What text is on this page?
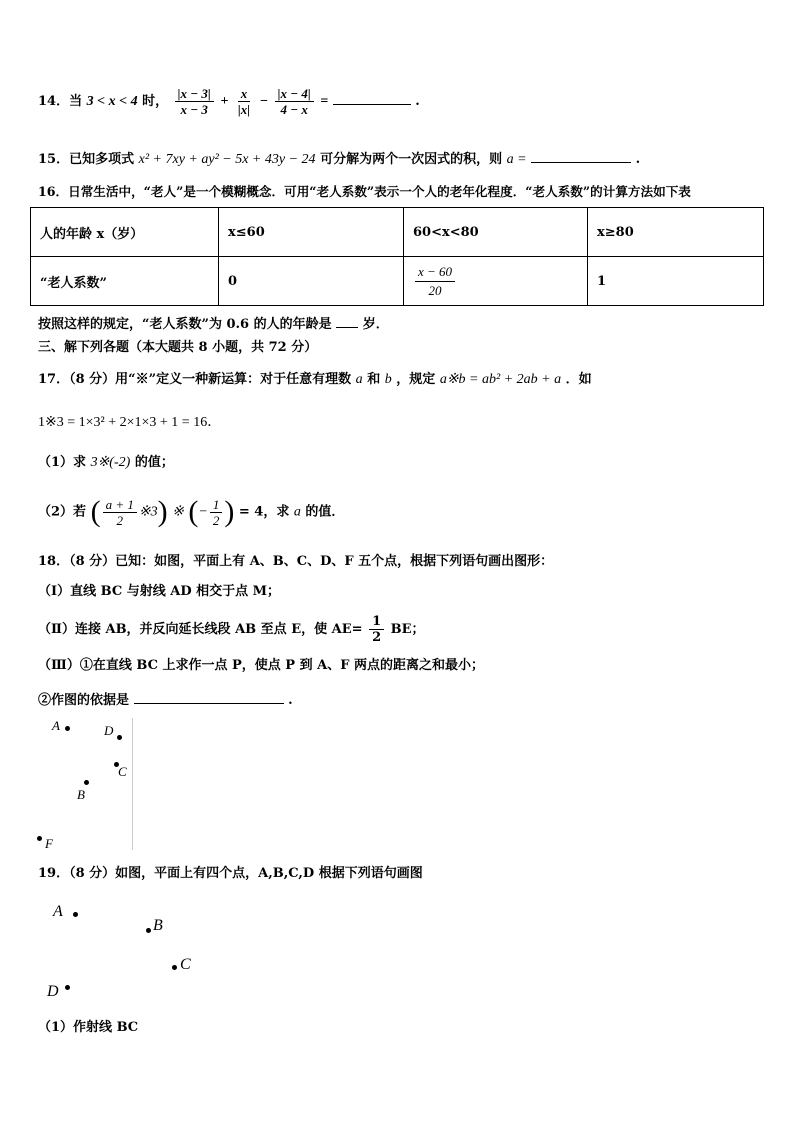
14．当 3 < x < 4 时， $\frac{|x - 3|}{x - 3} + \frac{x}{|x|} - \frac{|x - 4|}{4 - x}$ =	.
15．已知多项式 x² + 7xy + ay² − 5x + 43y − 24 可分解为两个一次因式的积，则 a =	.
16．日常生活中，“老人”是一个模糊概念．可用“老人系数”表示一个人的老年化程度．“老人系数”的计算方法如下表
人的年龄 x（岁）	x≤60	60<x<80	x≥80
“老人系数”	0	$\frac{x - 60}{20}$	1
按照这样的规定，“老人系数”为 0.6 的人的年龄是 岁．
三、解下列各题（本大题共 8 小题，共 72 分）
17．（8 分）用“※”定义一种新运算：对于任意有理数 a 和 b ，规定 a※b = ab² + 2ab + a ．如
1※3 = 1×3² + 2×1×3 + 1 = 16．
（1）求 3※(-2) 的值；
（2）若 ( $\frac{a + 1}{2}$ ※3) ※ (− $\frac{1}{2}$ ) = 4，求 a 的值．
18．（8 分）已知：如图，平面上有 A、B、C、D、F 五个点，根据下列语句画出图形：
（Ⅰ）直线 BC 与射线 AD 相交于点 M；
（Ⅱ）连接 AB，并反向延长线段 AB 至点 E，使 $AE= \frac{1}{2}$ BE；
（Ⅲ）①在直线 BC 上求作一点 P，使点 P 到 A、F 两点的距离之和最小；
②作图的依据是	.
A	D
C
B
F
19．（8 分）如图，平面上有四个点，A,B,C,D 根据下列语句画图
A
B
C
D
（1）作射线 BC
